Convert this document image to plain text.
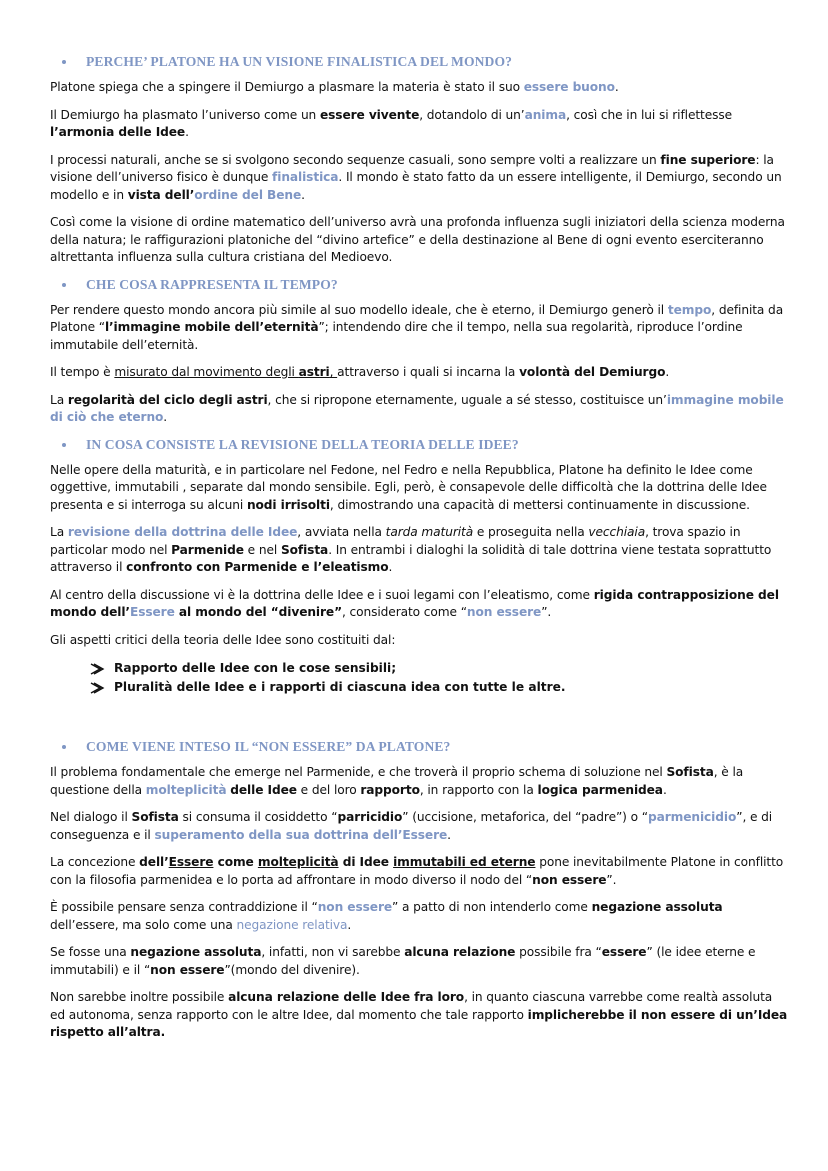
PERCHE’ PLATONE HA UN VISIONE FINALISTICA DEL MONDO?

Platone spiega che a spingere il Demiurgo a plasmare la materia è stato il suo essere buono.

Il Demiurgo ha plasmato l’universo come un essere vivente, dotandolo di un’anima, così che in lui si riflettesse l’armonia delle Idee.

I processi naturali, anche se si svolgono secondo sequenze casuali, sono sempre volti a realizzare un fine superiore: la visione dell’universo fisico è dunque finalistica. Il mondo è stato fatto da un essere intelligente, il Demiurgo, secondo un modello e in vista dell’ordine del Bene.

Così come la visione di ordine matematico dell’universo avrà una profonda influenza sugli iniziatori della scienza moderna della natura; le raffigurazioni platoniche del “divino artefice” e della destinazione al Bene di ogni evento eserciteranno altrettanta influenza sulla cultura cristiana del Medioevo.

CHE COSA RAPPRESENTA IL TEMPO?

Per rendere questo mondo ancora più simile al suo modello ideale, che è eterno, il Demiurgo generò il tempo, definita da Platone “l’immagine mobile dell’eternità”; intendendo dire che il tempo, nella sua regolarità, riproduce l’ordine immutabile dell’eternità.

Il tempo è misurato dal movimento degli astri, attraverso i quali si incarna la volontà del Demiurgo.

La regolarità del ciclo degli astri, che si ripropone eternamente, uguale a sé stesso, costituisce un’immagine mobile di ciò che eterno.

IN COSA CONSISTE LA REVISIONE DELLA TEORIA DELLE IDEE?

Nelle opere della maturità, e in particolare nel Fedone, nel Fedro e nella Repubblica, Platone ha definito le Idee come oggettive, immutabili , separate dal mondo sensibile. Egli, però, è consapevole delle difficoltà che la dottrina delle Idee presenta e si interroga su alcuni nodi irrisolti, dimostrando una capacità di mettersi continuamente in discussione.

La revisione della dottrina delle Idee, avviata nella tarda maturità e proseguita nella vecchiaia, trova spazio in particolar modo nel Parmenide e nel Sofista. In entrambi i dialoghi la solidità di tale dottrina viene testata soprattutto attraverso il confronto con Parmenide e l’eleatismo.

Al centro della discussione vi è la dottrina delle Idee e i suoi legami con l’eleatismo, come rigida contrapposizione del mondo dell’Essere al mondo del “divenire”, considerato come “non essere”.

Gli aspetti critici della teoria delle Idee sono costituiti dal:

Rapporto delle Idee con le cose sensibili;
Pluralità delle Idee e i rapporti di ciascuna idea con tutte le altre.
COME VIENE INTESO IL “NON ESSERE” DA PLATONE?

Il problema fondamentale che emerge nel Parmenide, e che troverà il proprio schema di soluzione nel Sofista, è la questione della molteplicità delle Idee e del loro rapporto, in rapporto con la logica parmenidea.

Nel dialogo il Sofista si consuma il cosiddetto “parricidio” (uccisione, metaforica, del “padre”) o “parmenicidio”, e di conseguenza e il superamento della sua dottrina dell’Essere.

La concezione dell’Essere come molteplicità di Idee immutabili ed eterne pone inevitabilmente Platone in conflitto con la filosofia parmenidea e lo porta ad affrontare in modo diverso il nodo del “non essere”.

È possibile pensare senza contraddizione il “non essere” a patto di non intenderlo come negazione assoluta dell’essere, ma solo come una negazione relativa.

Se fosse una negazione assoluta, infatti, non vi sarebbe alcuna relazione possibile fra “essere” (le idee eterne e immutabili) e il “non essere”(mondo del divenire).

Non sarebbe inoltre possibile alcuna relazione delle Idee fra loro, in quanto ciascuna varrebbe come realtà assoluta ed autonoma, senza rapporto con le altre Idee, dal momento che tale rapporto implicherebbe il non essere di un’Idea rispetto all’altra.
